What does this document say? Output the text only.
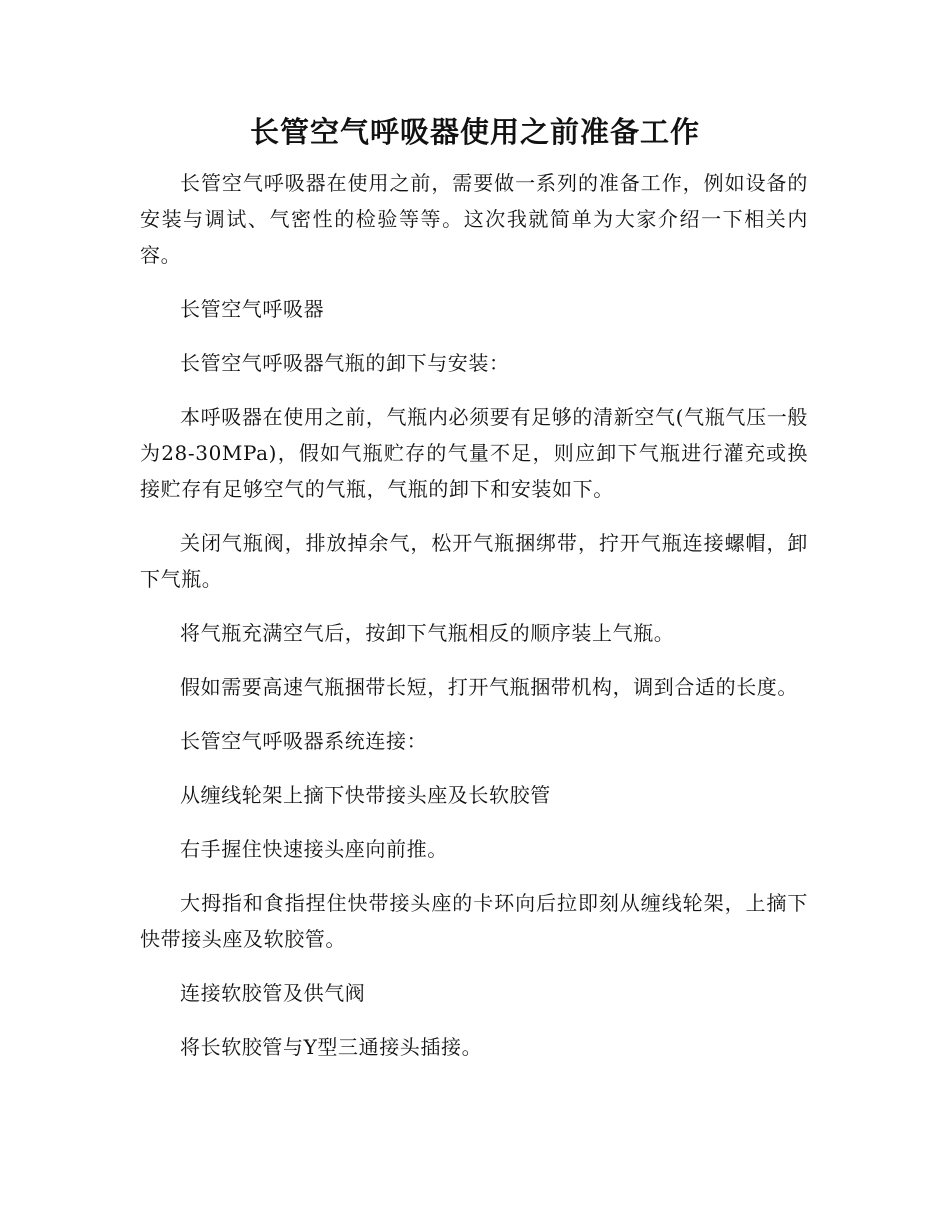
长管空气呼吸器使用之前准备工作

长管空气呼吸器在使用之前，需要做一系列的准备工作，例如设备的安装与调试、气密性的检验等等。这次我就简单为大家介绍一下相关内容。

长管空气呼吸器

长管空气呼吸器气瓶的卸下与安装：

本呼吸器在使用之前，气瓶内必须要有足够的清新空气(气瓶气压一般为28-30MPa)，假如气瓶贮存的气量不足，则应卸下气瓶进行灌充或换接贮存有足够空气的气瓶，气瓶的卸下和安装如下。

关闭气瓶阀，排放掉余气，松开气瓶捆绑带，拧开气瓶连接螺帽，卸下气瓶。

将气瓶充满空气后，按卸下气瓶相反的顺序装上气瓶。

假如需要高速气瓶捆带长短，打开气瓶捆带机构，调到合适的长度。

长管空气呼吸器系统连接：

从缠线轮架上摘下快带接头座及长软胶管

右手握住快速接头座向前推。

大拇指和食指捏住快带接头座的卡环向后拉即刻从缠线轮架，上摘下快带接头座及软胶管。

连接软胶管及供气阀

将长软胶管与Y型三通接头插接。
